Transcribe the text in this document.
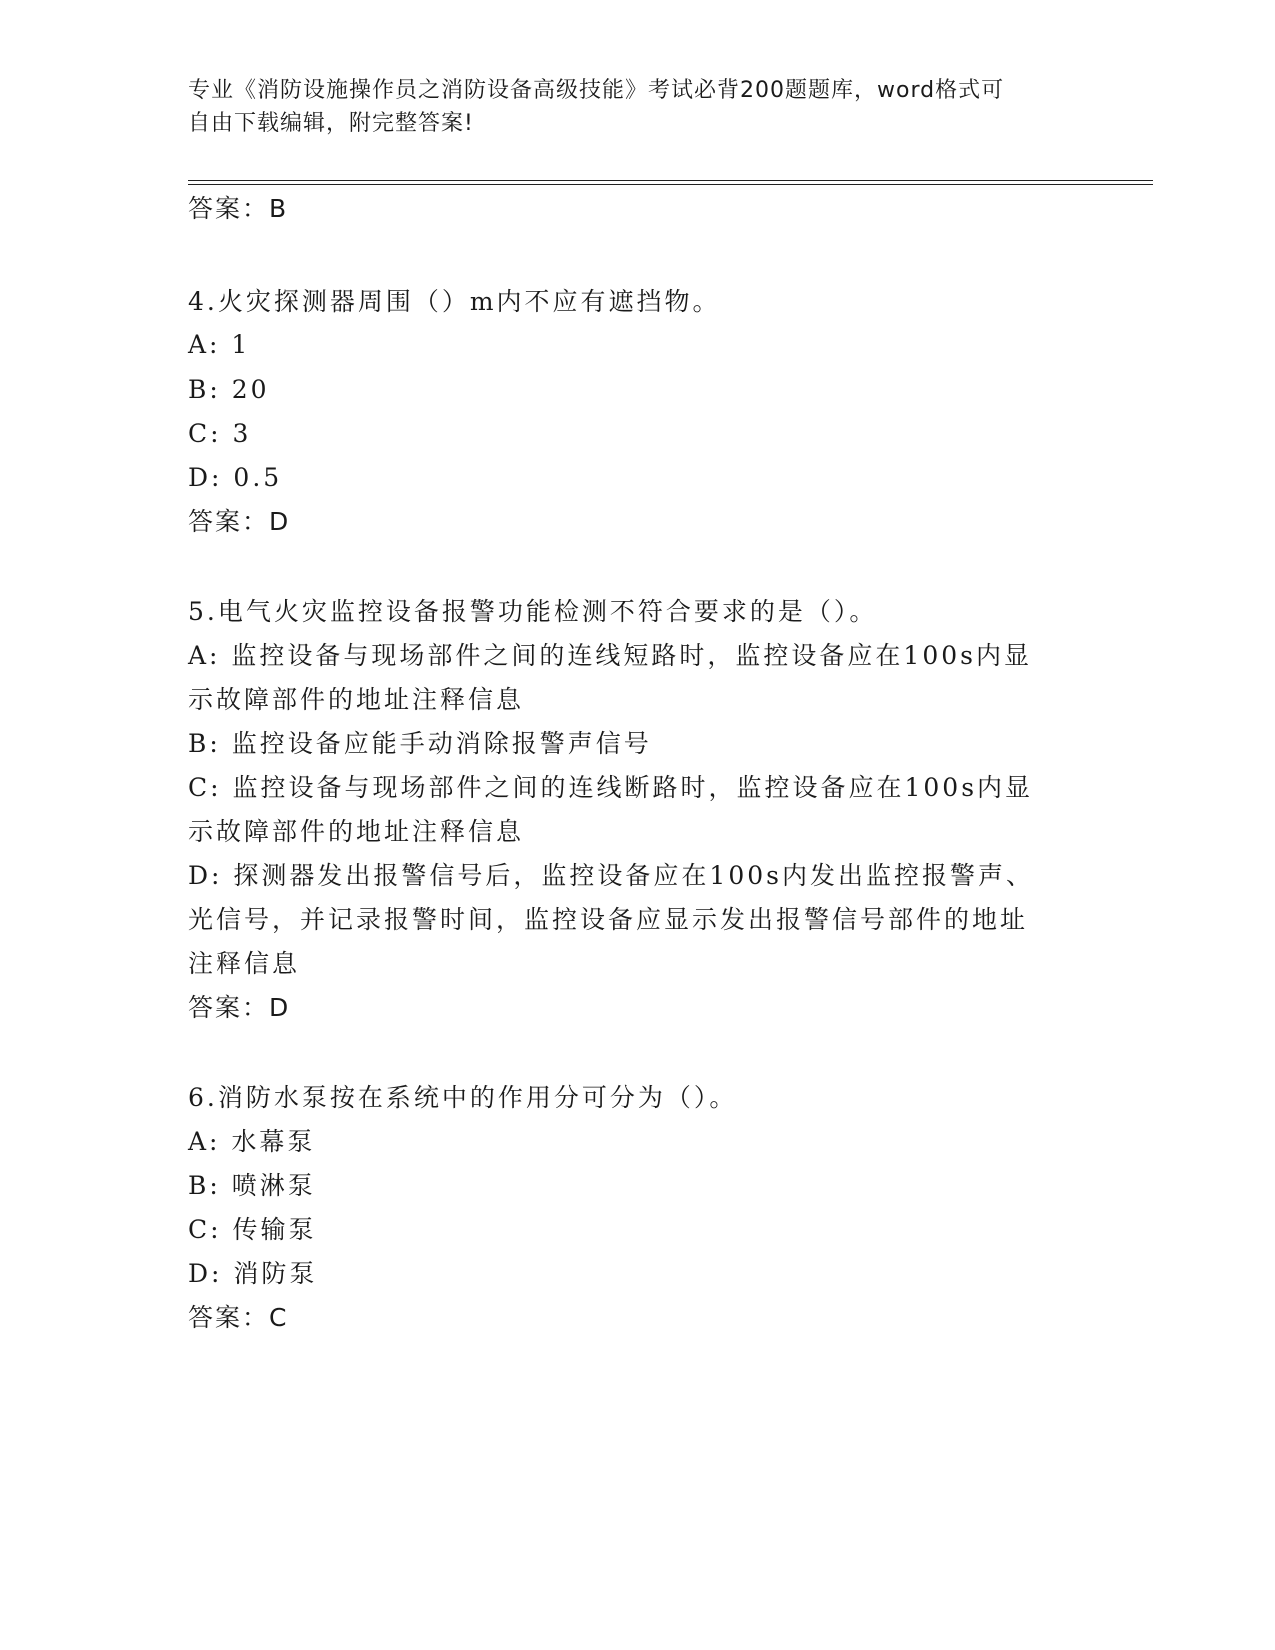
专业《消防设施操作员之消防设备高级技能》考试必背200题题库，word格式可
自由下载编辑，附完整答案!
答案：B
4.火灾探测器周围（）m内不应有遮挡物。
A: 1
B: 20
C: 3
D: 0.5
答案：D
5.电气火灾监控设备报警功能检测不符合要求的是（）。
A: 监控设备与现场部件之间的连线短路时，监控设备应在100s内显
示故障部件的地址注释信息
B: 监控设备应能手动消除报警声信号
C: 监控设备与现场部件之间的连线断路时，监控设备应在100s内显
示故障部件的地址注释信息
D: 探测器发出报警信号后，监控设备应在100s内发出监控报警声、
光信号，并记录报警时间，监控设备应显示发出报警信号部件的地址
注释信息
答案：D
6.消防水泵按在系统中的作用分可分为（）。
A: 水幕泵
B: 喷淋泵
C: 传输泵
D: 消防泵
答案：C
